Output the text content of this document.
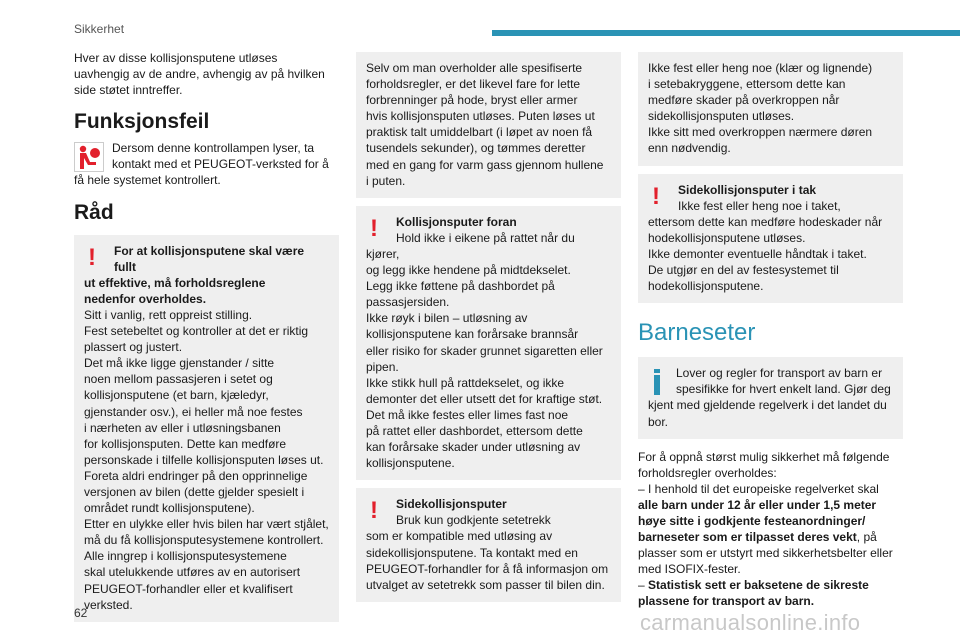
Sikkerhet

Hver av disse kollisjonsputene utløses
uavhengig av de andre, avhengig av på hvilken
side støtet inntreffer.

Funksjonsfeil
Dersom denne kontrollampen lyser, ta
kontakt med et PEUGEOT-verksted for å
få hele systemet kontrollert.
Råd
!	For at kollisjonsputene skal være fullt
ut effektive, må forholdsreglene
nedenfor overholdes.
Sitt i vanlig, rett oppreist stilling.
Fest setebeltet og kontroller at det er riktig
plassert og justert.
Det må ikke ligge gjenstander / sitte
noen mellom passasjeren i setet og
kollisjonsputene (et barn, kjæledyr,
gjenstander osv.), ei heller må noe festes
i nærheten av eller i utløsningsbanen
for kollisjonsputen. Dette kan medføre
personskade i tilfelle kollisjonsputen løses ut.
Foreta aldri endringer på den opprinnelige
versjonen av bilen (dette gjelder spesielt i
området rundt kollisjonsputene).
Etter en ulykke eller hvis bilen har vært stjålet,
må du få kollisjonsputesystemene kontrollert.
Alle inngrep i kollisjonsputesystemene
skal utelukkende utføres av en autorisert
PEUGEOT-forhandler eller et kvalifisert
verksted.
Selv om man overholder alle spesifiserte
forholdsregler, er det likevel fare for lette
forbrenninger på hode, bryst eller armer
hvis kollisjonsputen utløses. Puten løses ut
praktisk talt umiddelbart (i løpet av noen få
tusendels sekunder), og tømmes deretter
med en gang for varm gass gjennom hullene
i puten.
!	Kollisjonsputer foran
Hold ikke i eikene på rattet når du kjører,
og legg ikke hendene på midtdekselet.
Legg ikke føttene på dashbordet på
passasjersiden.
Ikke røyk i bilen – utløsning av
kollisjonsputene kan forårsake brannsår
eller risiko for skader grunnet sigaretten eller
pipen.
Ikke stikk hull på rattdekselet, og ikke
demonter det eller utsett det for kraftige støt.
Det må ikke festes eller limes fast noe
på rattet eller dashbordet, ettersom dette
kan forårsake skader under utløsning av
kollisjonsputene.
!	Sidekollisjonsputer
Bruk kun godkjente setetrekk
som er kompatible med utløsing av
sidekollisjonsputene. Ta kontakt med en
PEUGEOT-forhandler for å få informasjon om
utvalget av setetrekk som passer til bilen din.
Ikke fest eller heng noe (klær og lignende)
i setebakryggene, ettersom dette kan
medføre skader på overkroppen når
sidekollisjonsputen utløses.
Ikke sitt med overkroppen nærmere døren
enn nødvendig.
!	Sidekollisjonsputer i tak
Ikke fest eller heng noe i taket,
ettersom dette kan medføre hodeskader når
hodekollisjonsputene utløses.
Ikke demonter eventuelle håndtak i taket.
De utgjør en del av festesystemet til
hodekollisjonsputene.
Barneseter
Lover og regler for transport av barn er
spesifikke for hvert enkelt land. Gjør deg
kjent med gjeldende regelverk i det landet du
bor.
For å oppnå størst mulig sikkerhet må følgende
forholdsregler overholdes:
– I henhold til det europeiske regelverket skal
alle barn under 12 år eller under 1,5 meter
høye sitte i godkjente festeanordninger/
barneseter som er tilpasset deres vekt, på
plasser som er utstyrt med sikkerhetsbelter eller
med ISOFIX-fester.
– Statistisk sett er baksetene de sikreste
plassene for transport av barn.
62	carmanualsonline.info
